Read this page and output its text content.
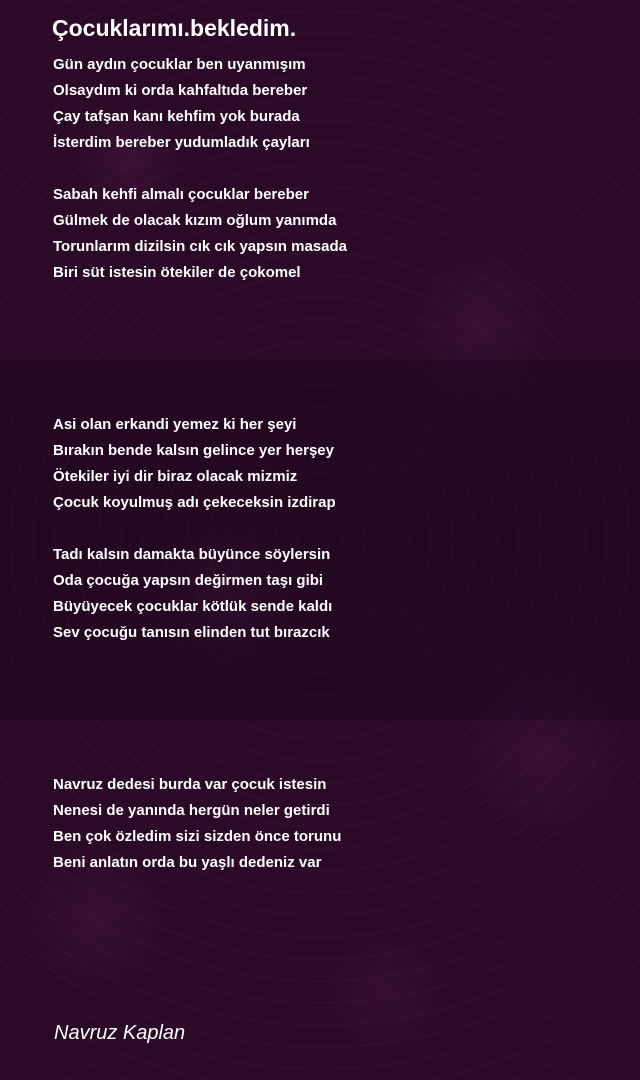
Çocuklarımı.bekledim.
Gün aydın çocuklar ben uyanmışım
Olsaydım ki orda kahfaltıda bereber
Çay tafşan kanı kehfim yok burada
İsterdim bereber yudumladık çayları
Sabah kehfi almalı çocuklar bereber
Gülmek de olacak kızım oğlum yanımda
Torunlarım dizilsin cık cık yapsın masada
Biri süt istesin ötekiler de çokomel
Asi olan erkandi yemez ki her şeyi
Bırakın bende kalsın gelince yer herşey
Ötekiler iyi dir biraz olacak mizmiz
Çocuk koyulmuş adı çekeceksin izdirap
Tadı kalsın damakta büyünce söylersin
Oda çocuğa yapsın değirmen taşı gibi
Büyüyecek çocuklar kötlük sende kaldı
Sev çocuğu tanısın elinden tut bırazcık
Navruz dedesi burda var çocuk istesin
Nenesi de yanında hergün neler getirdi
Ben çok özledim sizi sizden önce torunu
Beni anlatın orda bu yaşlı dedeniz var
Navruz Kaplan
